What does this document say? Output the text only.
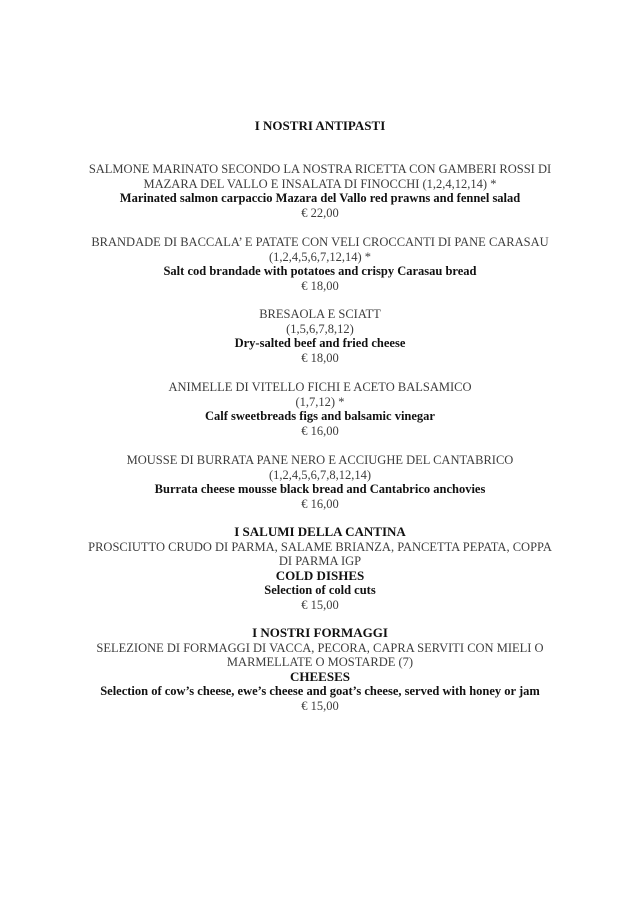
I NOSTRI ANTIPASTI
SALMONE MARINATO SECONDO LA NOSTRA RICETTA CON GAMBERI ROSSI DI
MAZARA DEL VALLO E INSALATA DI FINOCCHI (1,2,4,12,14) *
Marinated salmon carpaccio Mazara del Vallo red prawns and fennel salad
€ 22,00
BRANDADE DI BACCALA’ E PATATE CON VELI CROCCANTI DI PANE CARASAU
(1,2,4,5,6,7,12,14) *
Salt cod brandade with potatoes and crispy Carasau bread
€ 18,00
BRESAOLA E SCIATT
(1,5,6,7,8,12)
Dry-salted beef and fried cheese
€ 18,00
ANIMELLE DI VITELLO FICHI E ACETO BALSAMICO
(1,7,12) *
Calf sweetbreads figs and balsamic vinegar
€ 16,00
MOUSSE DI BURRATA PANE NERO E ACCIUGHE DEL CANTABRICO
(1,2,4,5,6,7,8,12,14)
Burrata cheese mousse black bread and Cantabrico anchovies
€ 16,00
I SALUMI DELLA CANTINA
PROSCIUTTO CRUDO DI PARMA, SALAME BRIANZA, PANCETTA PEPATA, COPPA
DI PARMA IGP
COLD DISHES
Selection of cold cuts
€ 15,00
I NOSTRI FORMAGGI
SELEZIONE DI FORMAGGI DI VACCA, PECORA, CAPRA SERVITI CON MIELI O
MARMELLATE O MOSTARDE (7)
CHEESES
Selection of cow’s cheese, ewe’s cheese and goat’s cheese, served with honey or jam
€ 15,00
